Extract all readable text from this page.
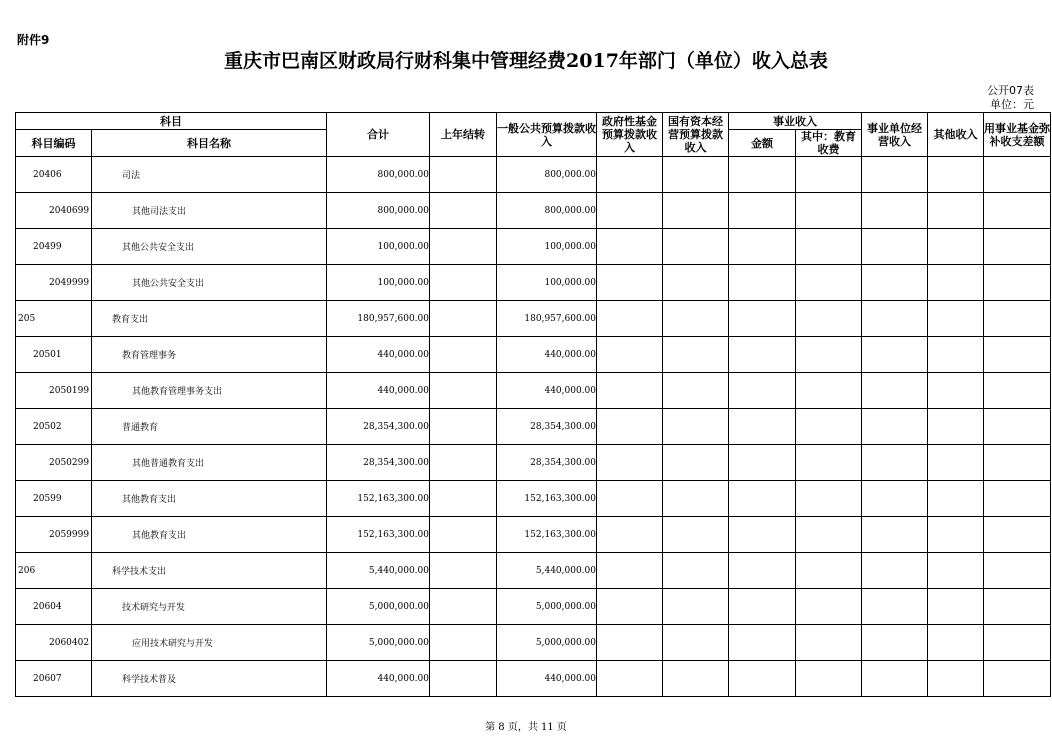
附件9
重庆市巴南区财政局行财科集中管理经费2017年部门（单位）收入总表
公开07表
单位：元
科目		合计	上年结转	一般公共预算拨款收入	政府性基金预算拨款收入	国有资本经营预算拨款收入	事业收入		事业单位经营收入	其他收入	用事业基金弥补收支差额
科目编码	科目名称						金额	其中：教育收费			
20406	司法	800,000.00		800,000.00							
2040699	其他司法支出	800,000.00		800,000.00							
20499	其他公共安全支出	100,000.00		100,000.00							
2049999	其他公共安全支出	100,000.00		100,000.00							
205	教育支出	180,957,600.00		180,957,600.00							
20501	教育管理事务	440,000.00		440,000.00							
2050199	其他教育管理事务支出	440,000.00		440,000.00							
20502	普通教育	28,354,300.00		28,354,300.00							
2050299	其他普通教育支出	28,354,300.00		28,354,300.00							
20599	其他教育支出	152,163,300.00		152,163,300.00							
2059999	其他教育支出	152,163,300.00		152,163,300.00							
206	科学技术支出	5,440,000.00		5,440,000.00							
20604	技术研究与开发	5,000,000.00		5,000,000.00							
2060402	应用技术研究与开发	5,000,000.00		5,000,000.00							
20607	科学技术普及	440,000.00		440,000.00							
第 8 页，共 11 页
